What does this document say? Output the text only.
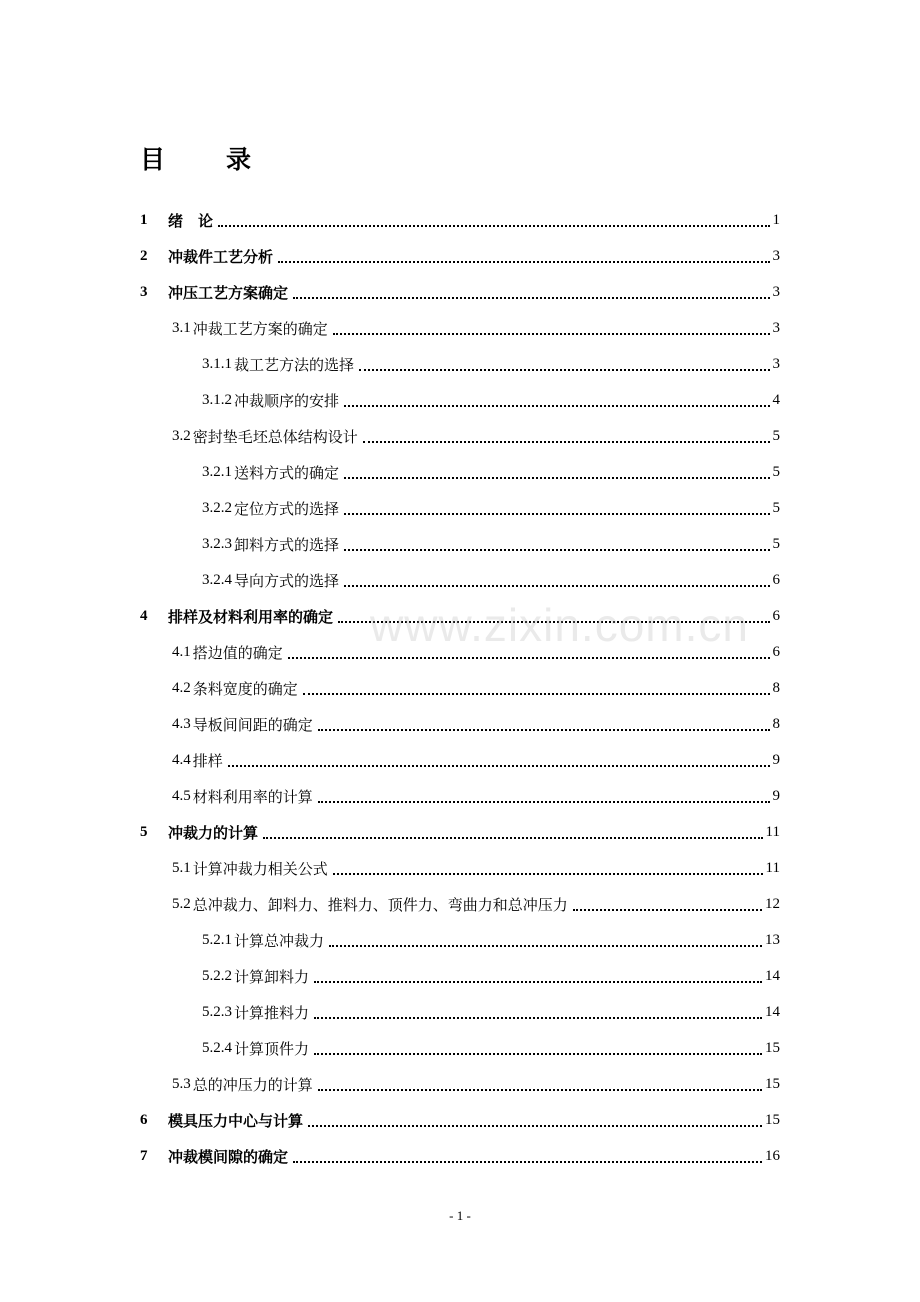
目　录
1	绪　论	1
2	冲裁件工艺分析	3
3	冲压工艺方案确定	3
3.1 冲裁工艺方案的确定	3
3.1.1 裁工艺方法的选择	3
3.1.2 冲裁顺序的安排	4
3.2 密封垫毛坯总体结构设计	5
3.2.1 送料方式的确定	5
3.2.2 定位方式的选择	5
3.2.3 卸料方式的选择	5
3.2.4 导向方式的选择	6
4	排样及材料利用率的确定	6
4.1 搭边值的确定	6
4.2 条料宽度的确定	8
4.3 导板间间距的确定	8
4.4 排样	9
4.5 材料利用率的计算	9
5	冲裁力的计算	11
5.1 计算冲裁力相关公式	11
5.2 总冲裁力、卸料力、推料力、顶件力、弯曲力和总冲压力	12
5.2.1 计算总冲裁力	13
5.2.2 计算卸料力	14
5.2.3 计算推料力	14
5.2.4 计算顶件力	15
5.3 总的冲压力的计算	15
6	模具压力中心与计算	15
7	冲裁模间隙的确定	16
www.zixin.com.cn
- 1 -
